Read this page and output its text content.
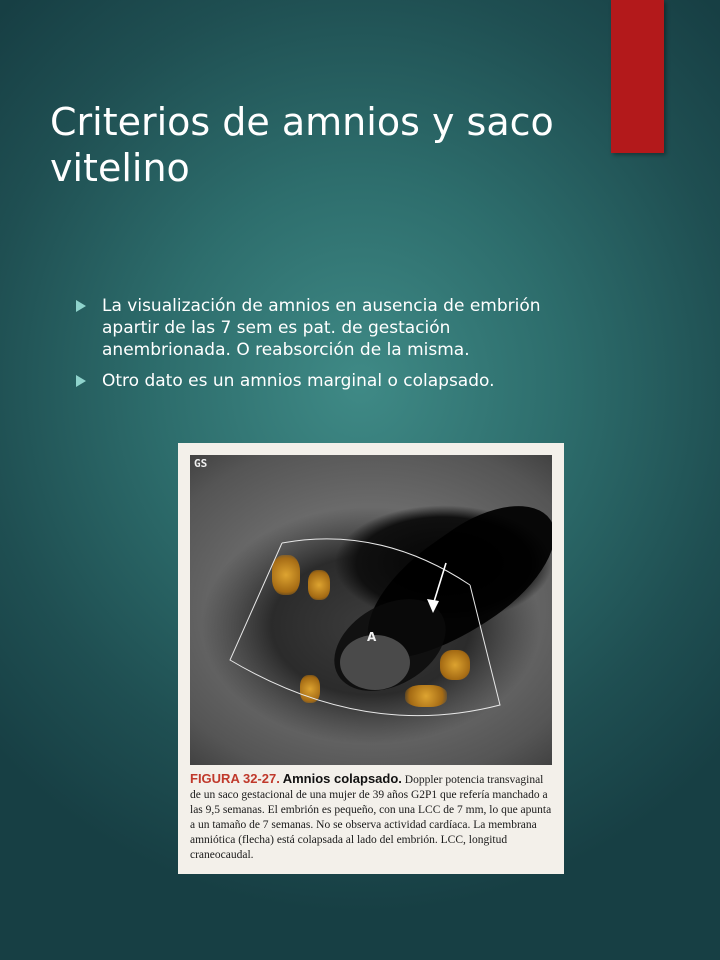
Criterios de amnios y saco vitelino
La visualización de amnios en ausencia de embrión apartir de las 7 sem es pat. de gestación anembrionada. O reabsorción de la misma.
Otro dato es un amnios marginal o colapsado.
GS
A
FIGURA 32-27. Amnios colapsado. Doppler potencia transvaginal de un saco gestacional de una mujer de 39 años G2P1 que refería manchado a las 9,5 semanas. El embrión es pequeño, con una LCC de 7 mm, lo que apunta a un tamaño de 7 semanas. No se observa actividad cardíaca. La membrana amniótica (flecha) está colapsada al lado del embrión. LCC, longitud craneocaudal.
